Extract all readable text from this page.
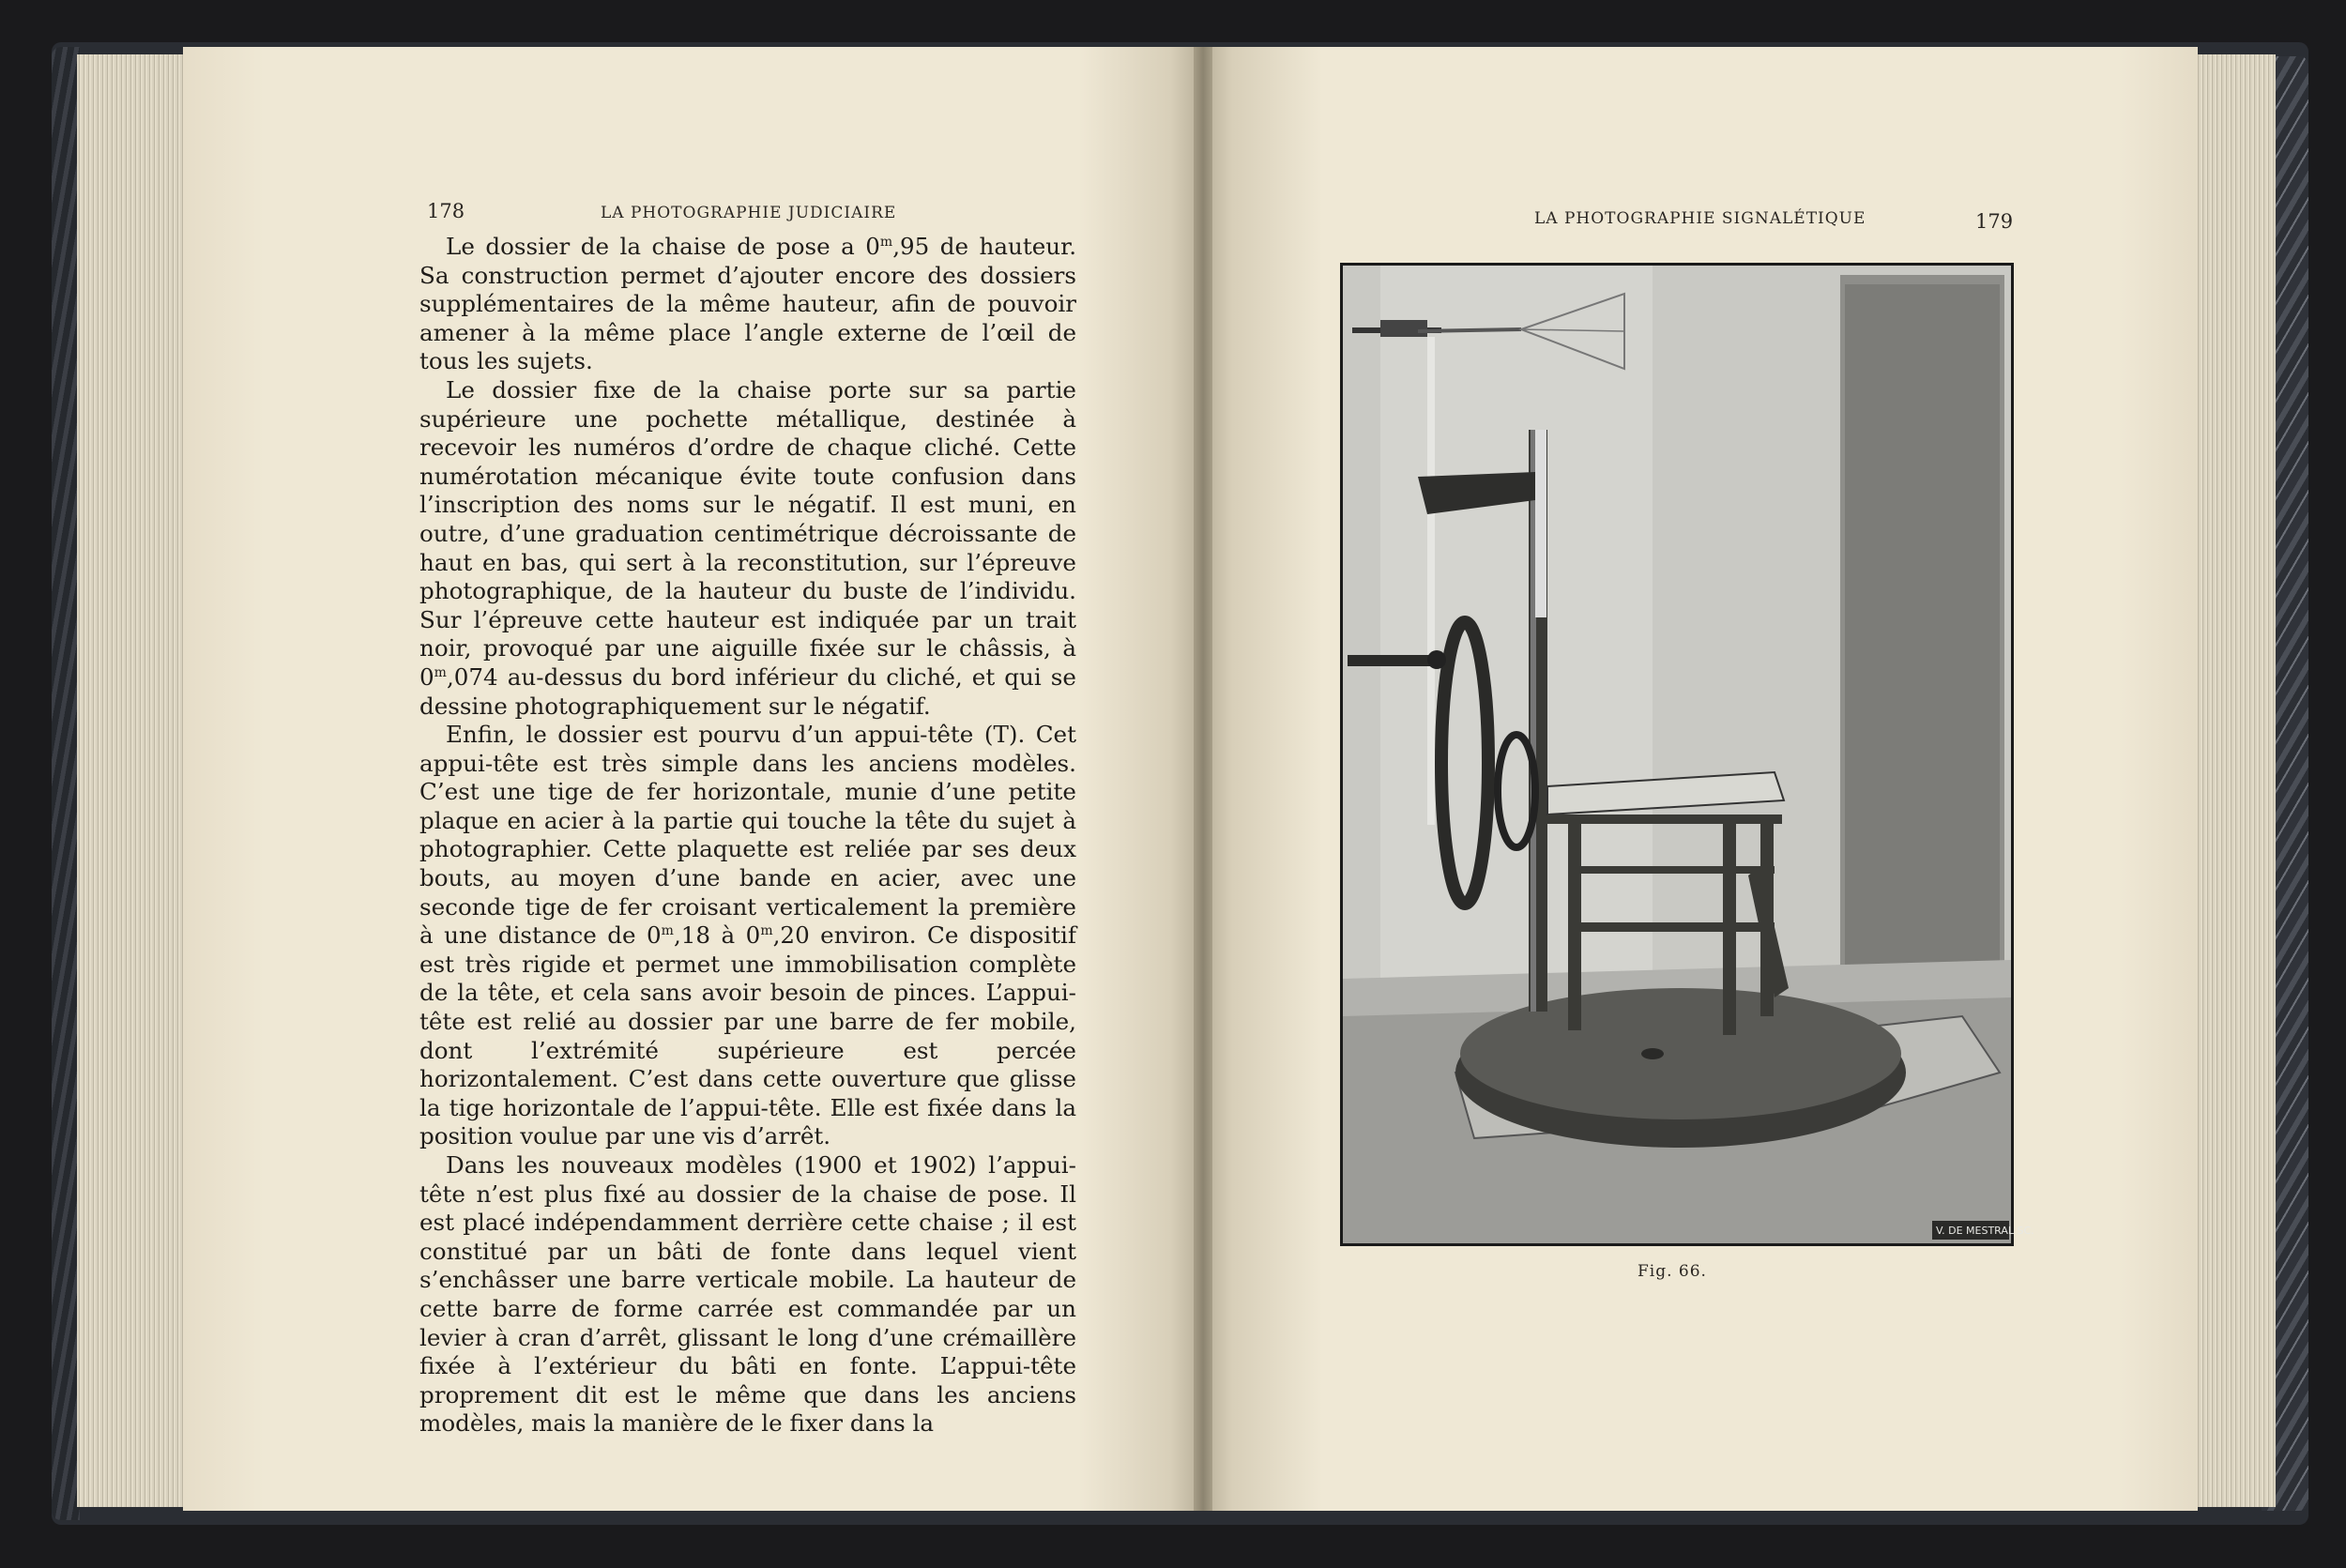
178	LA PHOTOGRAPHIE JUDICIAIRE

Le dossier de la chaise de pose a 0$^m$,95 de hauteur. Sa construction permet d’ajouter encore des dossiers supplémentaires de la même hauteur, afin de pouvoir amener à la même place l’angle externe de l’œil de tous les sujets.

Le dossier fixe de la chaise porte sur sa partie supérieure une pochette métallique, destinée à recevoir les numéros d’ordre de chaque cliché. Cette numérotation mécanique évite toute confusion dans l’inscription des noms sur le négatif. Il est muni, en outre, d’une graduation centimétrique décroissante de haut en bas, qui sert à la reconstitution, sur l’épreuve photographique, de la hauteur du buste de l’individu. Sur l’épreuve cette hauteur est indiquée par un trait noir, provoqué par une aiguille fixée sur le châssis, à 0$^m$,074 au-dessus du bord inférieur du cliché, et qui se dessine photographiquement sur le négatif.

Enfin, le dossier est pourvu d’un appui-tête (T). Cet appui-tête est très simple dans les anciens modèles. C’est une tige de fer horizontale, munie d’une petite plaque en acier à la partie qui touche la tête du sujet à photographier. Cette plaquette est reliée par ses deux bouts, au moyen d’une bande en acier, avec une seconde tige de fer croisant verticalement la première à une distance de 0$^m$,18 à 0$^m$,20 environ. Ce dispositif est très rigide et permet une immobilisation complète de la tête, et cela sans avoir besoin de pinces. L’appui-tête est relié au dossier par une barre de fer mobile, dont l’extrémité supérieure est percée horizontalement. C’est dans cette ouverture que glisse la tige horizontale de l’appui-tête. Elle est fixée dans la position voulue par une vis d’arrêt.

Dans les nouveaux modèles (1900 et 1902) l’appui-tête n’est plus fixé au dossier de la chaise de pose. Il est placé indépendamment derrière cette chaise ; il est constitué par un bâti de fonte dans lequel vient s’enchâsser une barre verticale mobile. La hauteur de cette barre de forme carrée est commandée par un levier à cran d’arrêt, glissant le long d’une crémaillère fixée à l’extérieur du bâti en fonte. L’appui-tête proprement dit est le même que dans les anciens modèles, mais la manière de le fixer dans la

LA PHOTOGRAPHIE SIGNALÉTIQUE	179
V. DE MESTRAL SC.
Fig. 66.
